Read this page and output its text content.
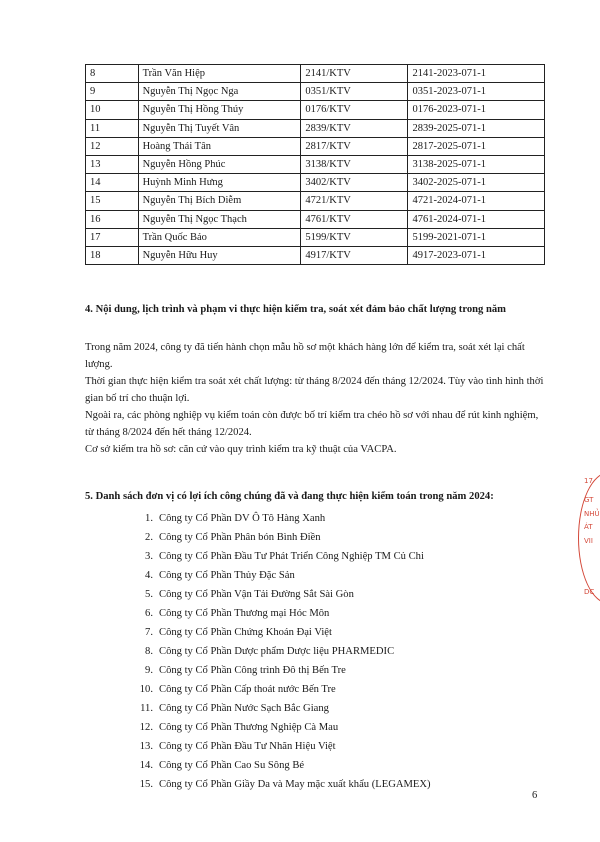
8	Trần Văn Hiệp	2141/KTV	2141-2023-071-1
9	Nguyễn Thị Ngọc Nga	0351/KTV	0351-2023-071-1
10	Nguyễn Thị Hồng Thúy	0176/KTV	0176-2023-071-1
11	Nguyễn Thị Tuyết Vân	2839/KTV	2839-2025-071-1
12	Hoàng Thái Tân	2817/KTV	2817-2025-071-1
13	Nguyễn Hồng Phúc	3138/KTV	3138-2025-071-1
14	Huỳnh Minh Hưng	3402/KTV	3402-2025-071-1
15	Nguyễn Thị Bích Diễm	4721/KTV	4721-2024-071-1
16	Nguyễn Thị Ngọc Thạch	4761/KTV	4761-2024-071-1
17	Trần Quốc Bảo	5199/KTV	5199-2021-071-1
18	Nguyễn Hữu Huy	4917/KTV	4917-2023-071-1
4. Nội dung, lịch trình và phạm vi thực hiện kiểm tra, soát xét đảm bảo chất lượng trong năm

Trong năm 2024, công ty đã tiến hành chọn mẫu hồ sơ một khách hàng lớn để kiểm tra, soát xét lại chất lượng.

Thời gian thực hiện kiểm tra soát xét chất lượng: từ tháng 8/2024 đến tháng 12/2024. Tùy vào tình hình thời gian bố trí cho thuận lợi.

Ngoài ra, các phòng nghiệp vụ kiểm toán còn được bố trí kiểm tra chéo hồ sơ với nhau để rút kinh nghiệm, từ tháng 8/2024 đến hết tháng 12/2024.

Cơ sở kiểm tra hồ sơ: căn cứ vào quy trình kiểm tra kỹ thuật của VACPA.

5. Danh sách đơn vị có lợi ích công chúng đã và đang thực hiện kiểm toán trong năm 2024:
1. Công ty Cổ Phần DV Ô Tô Hàng Xanh
2. Công ty Cổ Phần Phân bón Bình Điền
3. Công ty Cổ Phần Đầu Tư Phát Triển Công Nghiệp TM Củ Chi
4. Công ty Cổ Phần Thủy Đặc Sản
5. Công ty Cổ Phần Vận Tải Đường Sắt Sài Gòn
6. Công ty Cổ Phần Thương mại Hóc Môn
7. Công ty Cổ Phần Chứng Khoán Đại Việt
8. Công ty Cổ Phần Dược phẩm Dược liệu PHARMEDIC
9. Công ty Cổ Phần Công trình Đô thị Bến Tre
10. Công ty Cổ Phần Cấp thoát nước Bến Tre
11. Công ty Cổ Phần Nước Sạch Bắc Giang
12. Công ty Cổ Phần Thương Nghiệp Cà Mau
13. Công ty Cổ Phần Đầu Tư Nhãn Hiệu Việt
14. Công ty Cổ Phần Cao Su Sông Bé
15. Công ty Cổ Phần Giầy Da và May mặc xuất khẩu (LEGAMEX)
6
17
GT
NHỦ
ÁT
VII
DC
